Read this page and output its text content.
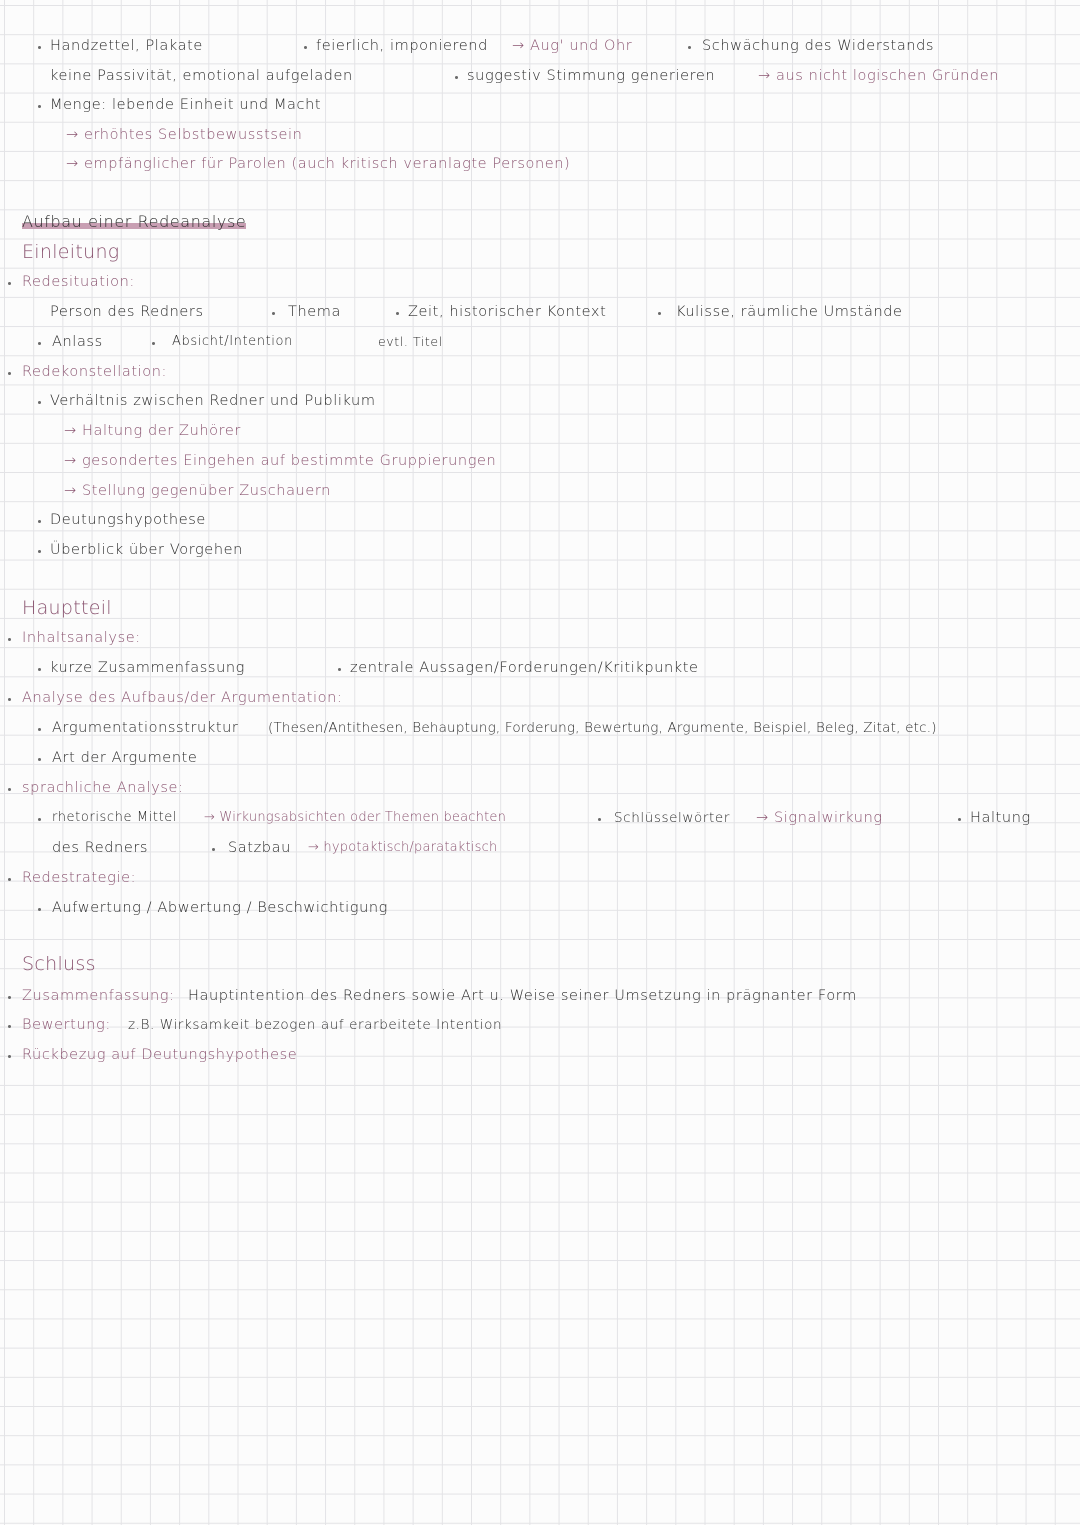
Handzettel, Plakate	feierlich, imponierend → Aug' und Ohr	Schwächung des Widerstands
keine Passivität, emotional aufgeladen	suggestiv Stimmung generieren	→ aus nicht logischen Gründen
Menge: lebende Einheit und Macht
→ erhöhtes Selbstbewusstsein
→ empfänglicher für Parolen (auch kritisch veranlagte Personen)
Aufbau einer Redeanalyse
Einleitung
Redesituation:
Person des Redners	Thema	Zeit, historischer Kontext	Kulisse, räumliche Umstände
Anlass	Absicht/Intention	evtl. Titel
Redekonstellation:
Verhältnis zwischen Redner und Publikum
→ Haltung der Zuhörer
→ gesondertes Eingehen auf bestimmte Gruppierungen
→ Stellung gegenüber Zuschauern
Deutungshypothese
Überblick über Vorgehen
Hauptteil
Inhaltsanalyse:
kurze Zusammenfassung	zentrale Aussagen/Forderungen/Kritikpunkte
Analyse des Aufbaus/der Argumentation:
Argumentationsstruktur (Thesen/Antithesen, Behauptung, Forderung, Bewertung, Argumente, Beispiel, Beleg, Zitat, etc.)
Art der Argumente
sprachliche Analyse:
rhetorische Mittel → Wirkungsabsichten oder Themen beachten	Schlüsselwörter → Signalwirkung	Haltung
des Redners	Satzbau → hypotaktisch/parataktisch
Redestrategie:
Aufwertung / Abwertung / Beschwichtigung
Schluss
Zusammenfassung: Hauptintention des Redners sowie Art u. Weise seiner Umsetzung in prägnanter Form
Bewertung: z.B. Wirksamkeit bezogen auf erarbeitete Intention
Rückbezug auf Deutungshypothese
